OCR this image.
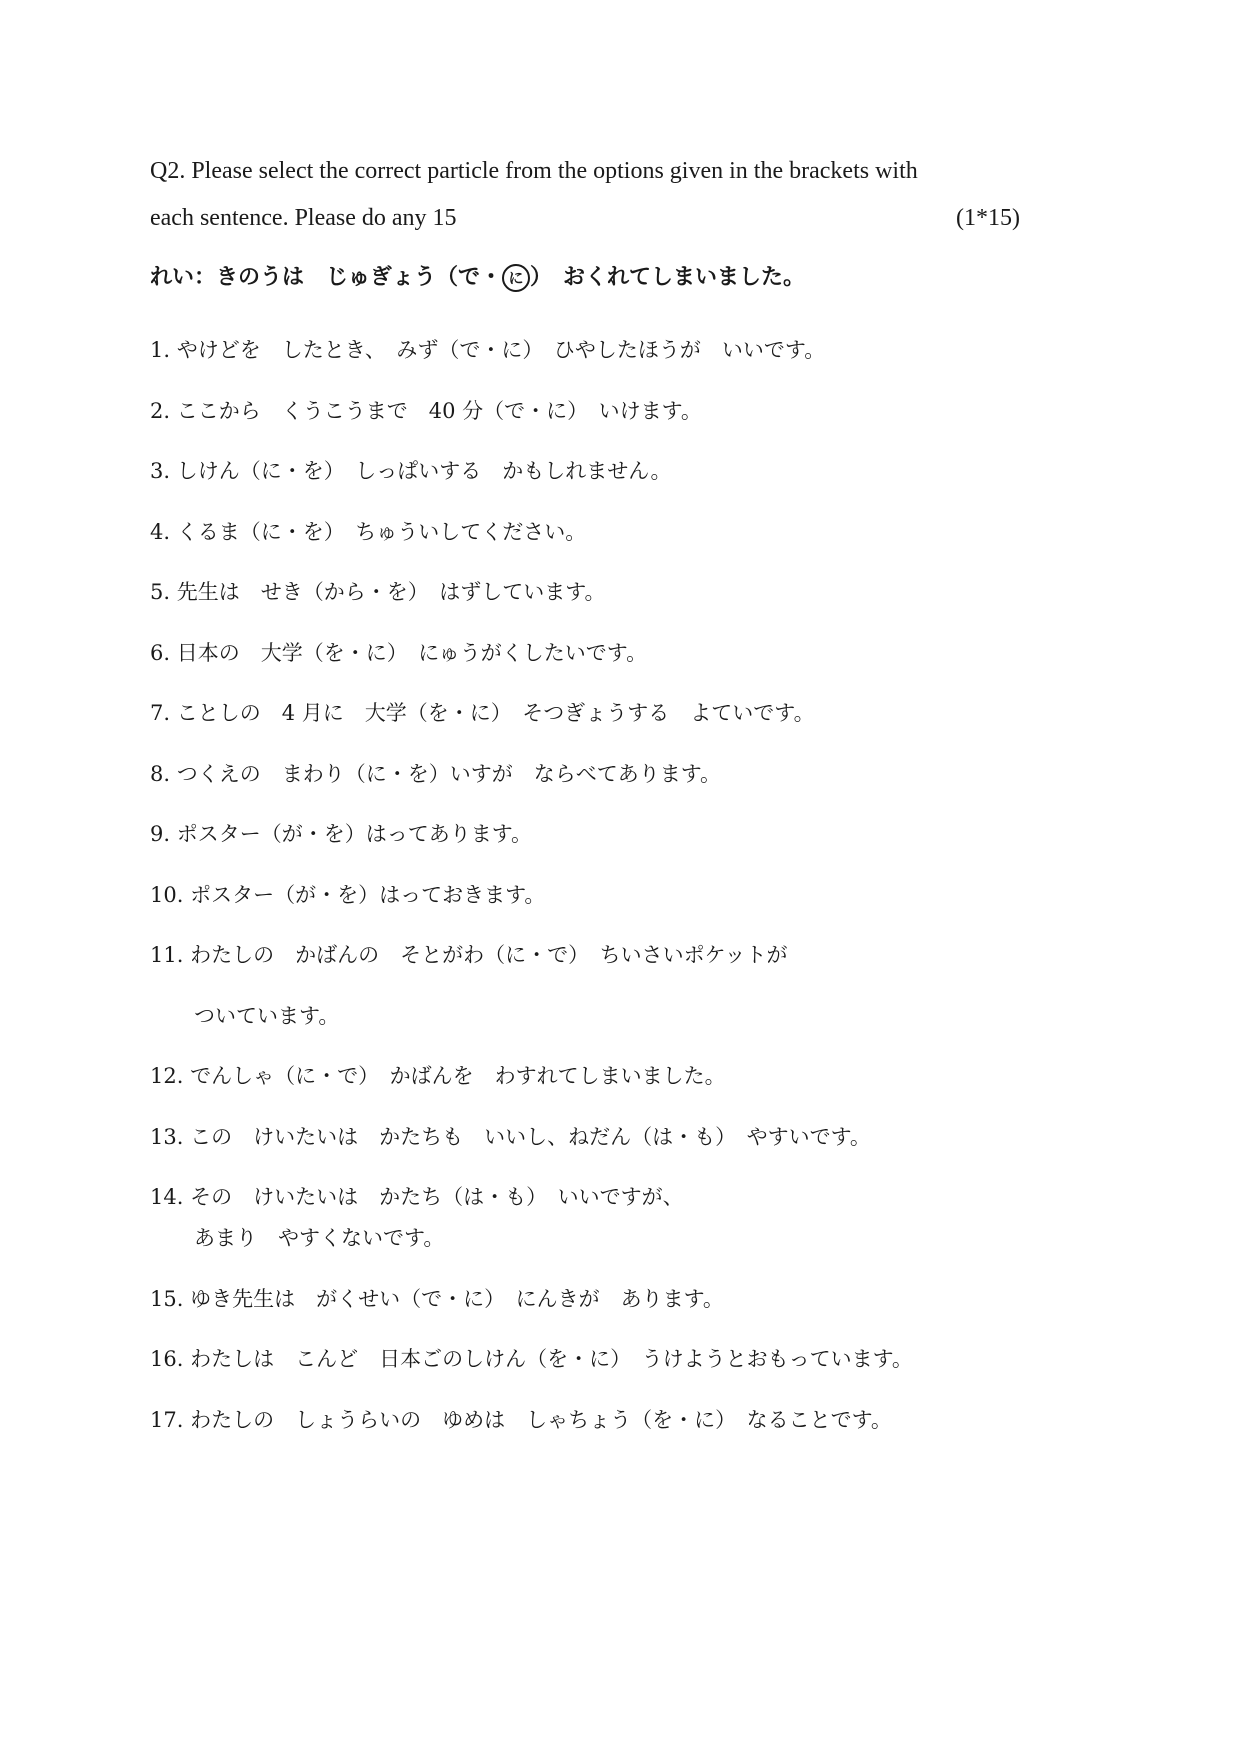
Q2. Please select the correct particle from the options given in the brackets with
each sentence. Please do any 15	(1*15)
れい：きのうは　じゅぎょう（で・ に ）　おくれてしまいました。
1. やけどを　したとき、　みず（で・に）　ひやしたほうが　いいです。
2. ここから　くうこうまで　40 分（で・に）　いけます。
3. しけん（に・を）　しっぱいする　かもしれません。
4. くるま（に・を）　ちゅういしてください。
5. 先生は　せき（から・を）　はずしています。
6. 日本の　大学（を・に）　にゅうがくしたいです。
7. ことしの　4 月に　大学（を・に）　そつぎょうする　よていです。
8. つくえの　まわり（に・を）いすが　ならべてあります。
9. ポスター（が・を）はってあります。
10. ポスター（が・を）はっておきます。
11. わたしの　かばんの　そとがわ（に・で）　ちいさいポケットが
ついています。
12. でんしゃ（に・で）　かばんを　わすれてしまいました。
13. この　けいたいは　かたちも　いいし、ねだん（は・も）　やすいです。
14. その　けいたいは　かたち（は・も）　いいですが、
あまり　やすくないです。
15. ゆき先生は　がくせい（で・に）　にんきが　あります。
16. わたしは　こんど　日本ごのしけん（を・に）　うけようとおもっています。
17. わたしの　しょうらいの　ゆめは　しゃちょう（を・に）　なることです。
